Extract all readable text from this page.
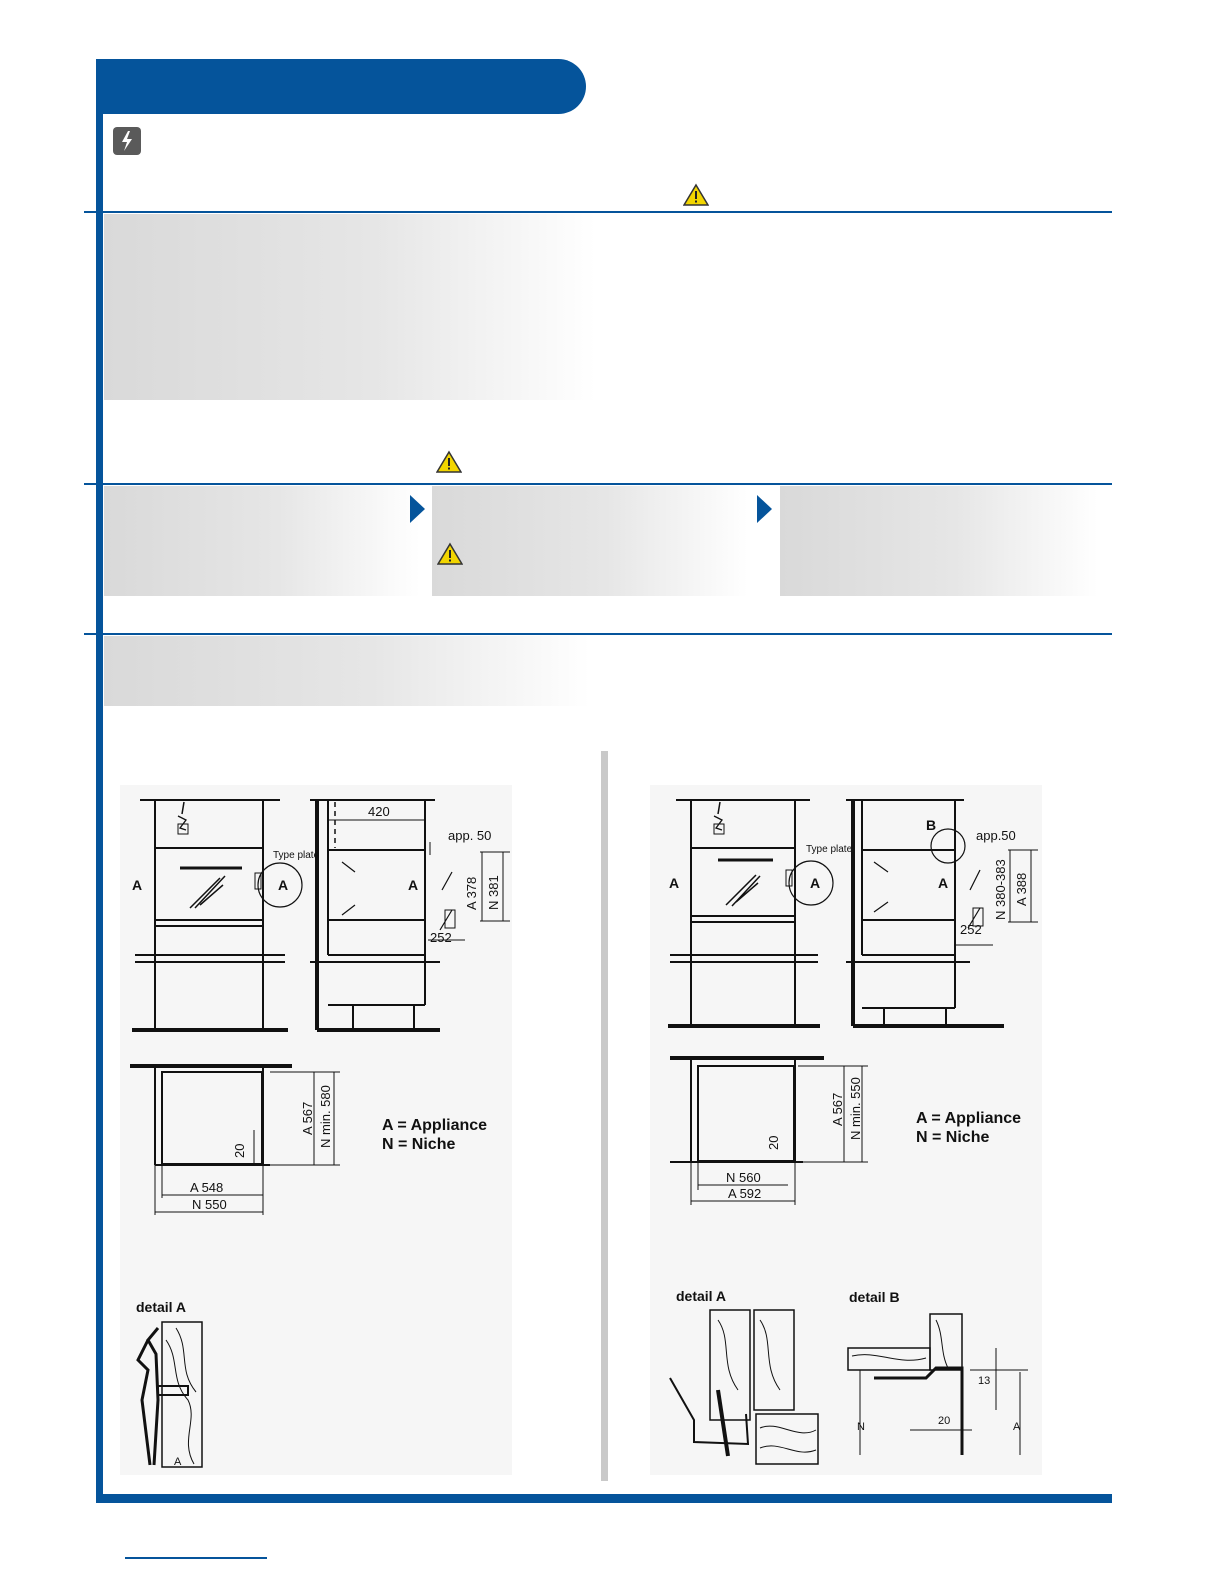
420
app. 50
Type plate
A	A	A
252
A 378 N 381
A 567 N min. 580
20
A 548
N 550
A = Appliance
N = Niche
detail A
A
app.50
Type plate
A	A	A
B
252
N 380-383 A 388
A 567 N min. 550
20
N 560
A 592
A = Appliance
N = Niche
detail A	detail B
13
20
N	A
